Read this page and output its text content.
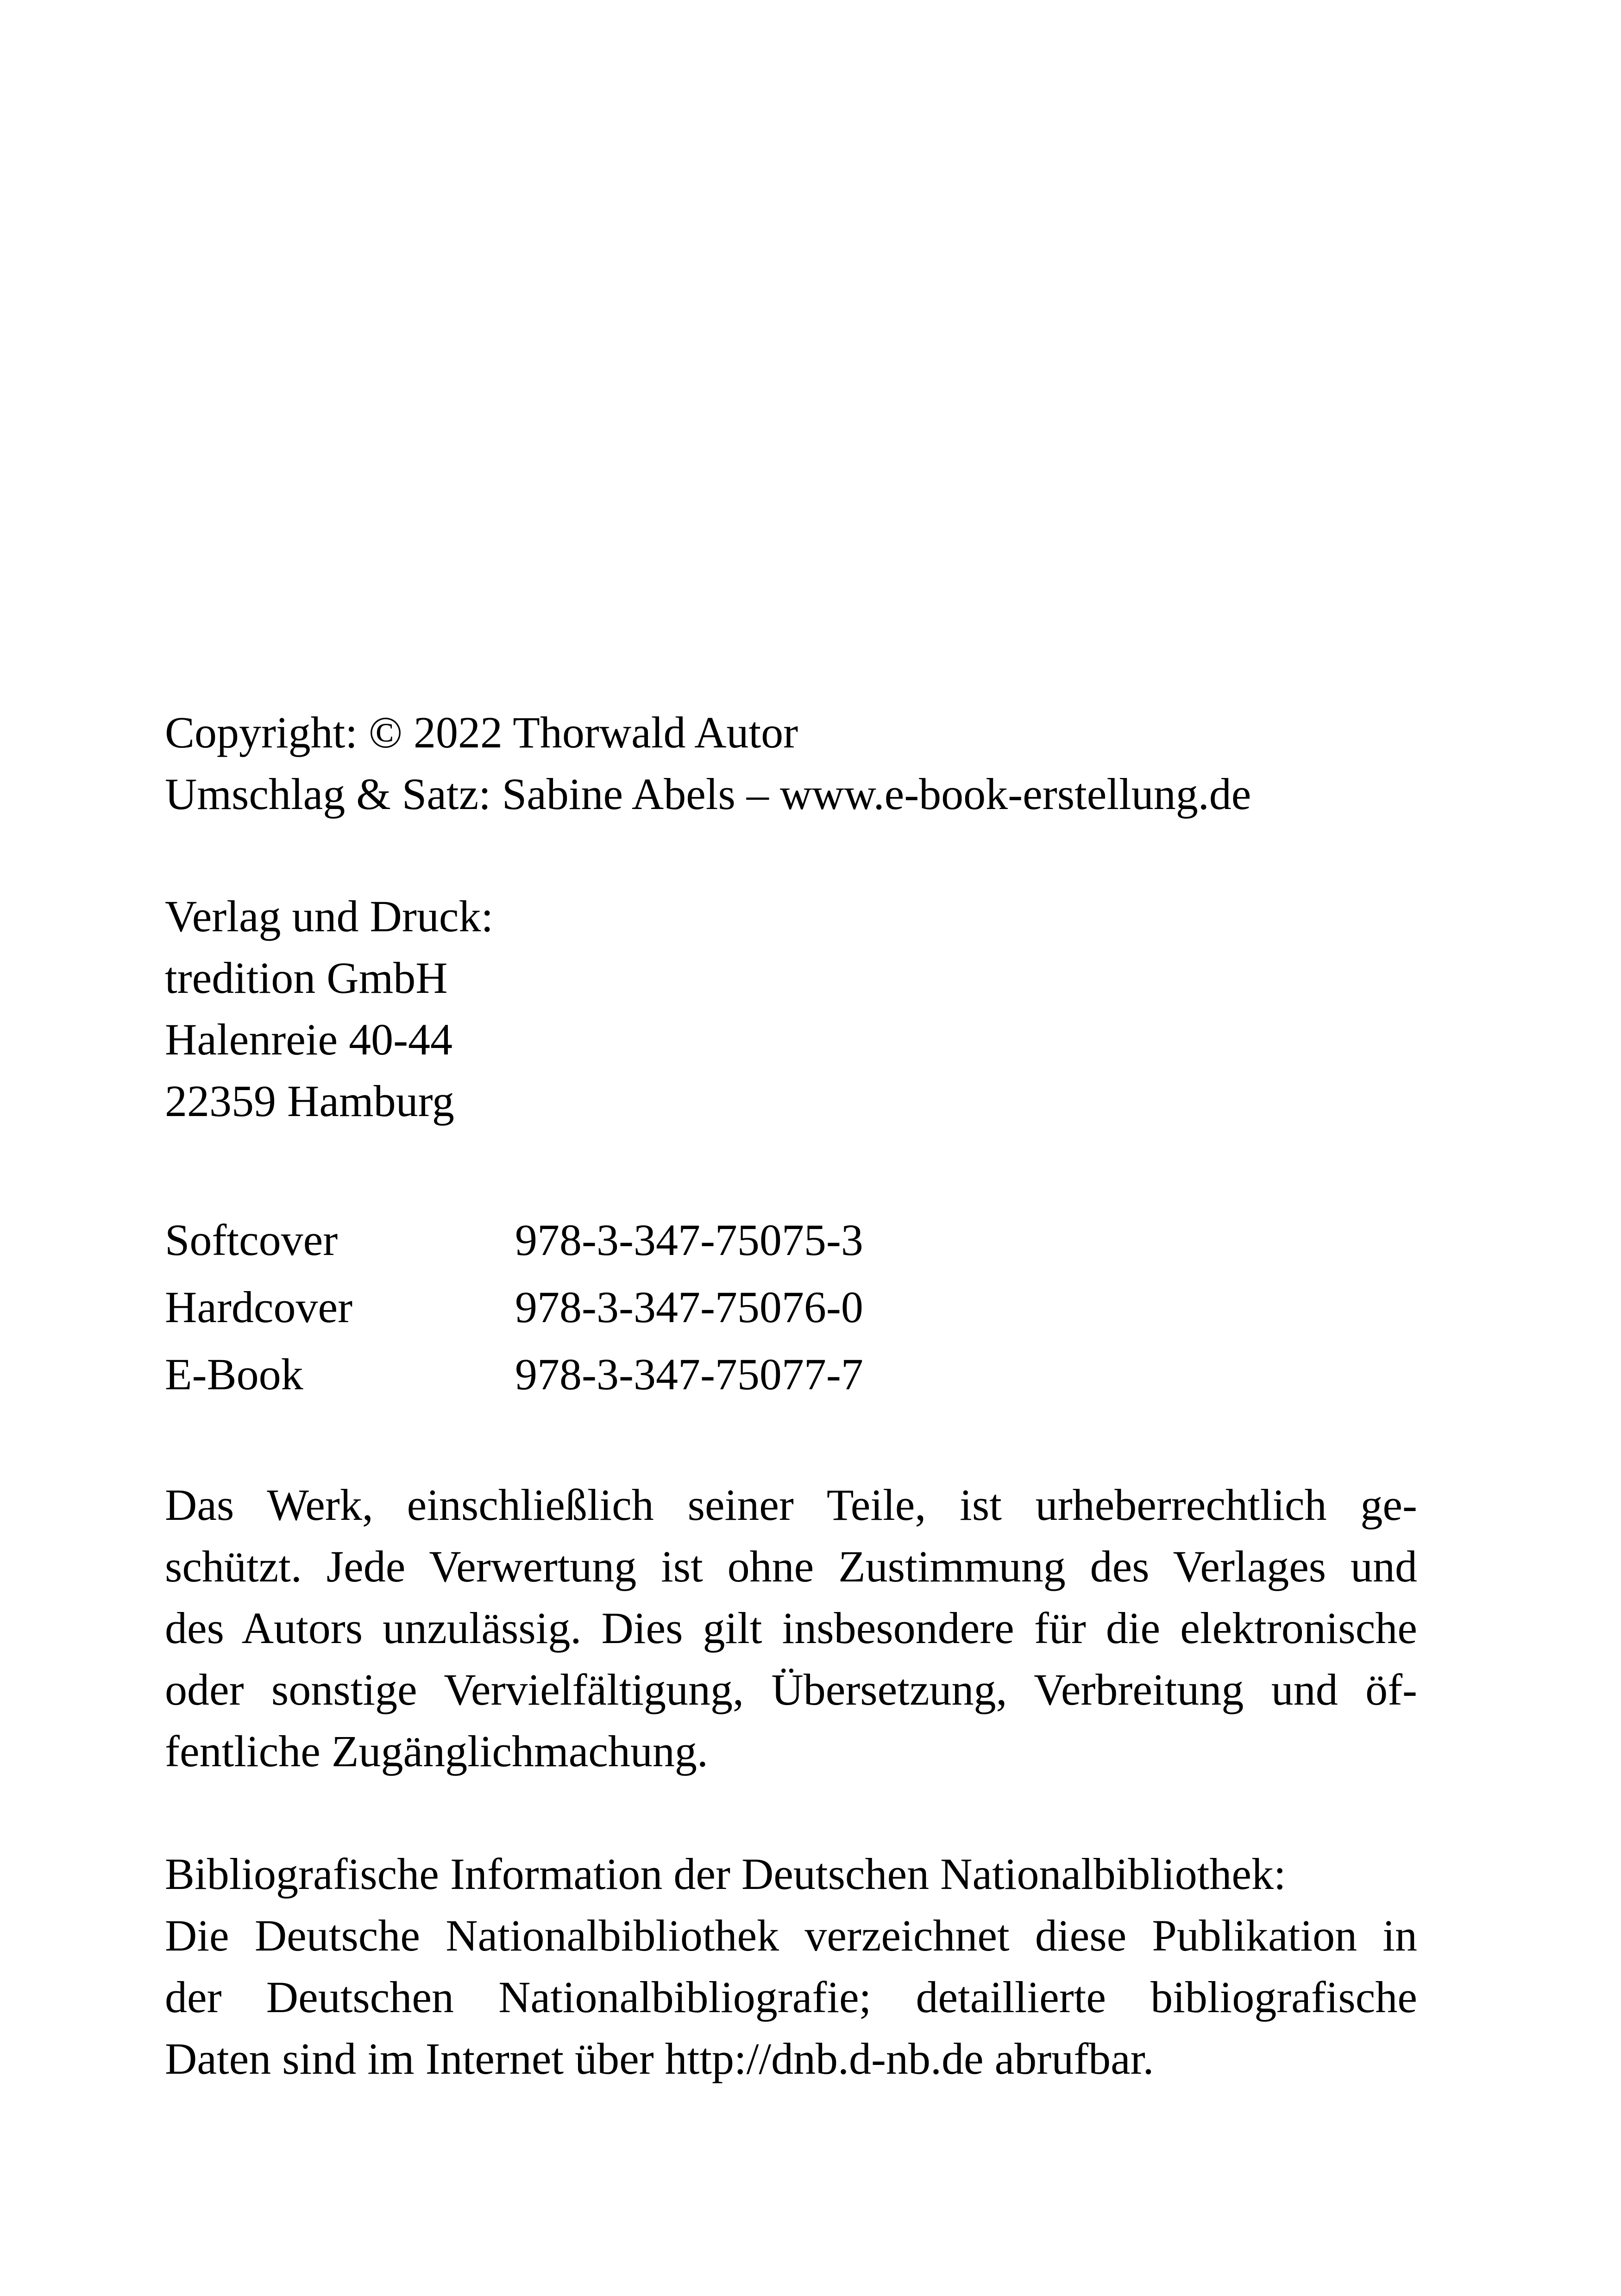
Copyright: © 2022 Thorwald Autor
Umschlag & Satz: Sabine Abels – www.e-book-erstellung.de
Verlag und Druck:
tredition GmbH
Halenreie 40-44
22359 Hamburg
Softcover	978-3-347-75075-3
Hardcover	978-3-347-75076-0
E-Book	978-3-347-75077-7
Das Werk, einschließlich seiner Teile, ist urheberrechtlich ge-
schützt. Jede Verwertung ist ohne Zustimmung des Verlages und
des Autors unzulässig. Dies gilt insbesondere für die elektronische
oder sonstige Vervielfältigung, Übersetzung, Verbreitung und öf-
fentliche Zugänglichmachung.
Bibliografische Information der Deutschen Nationalbibliothek:
Die Deutsche Nationalbibliothek verzeichnet diese Publikation in
der Deutschen Nationalbibliografie; detaillierte bibliografische
Daten sind im Internet über http://dnb.d-nb.de abrufbar.
